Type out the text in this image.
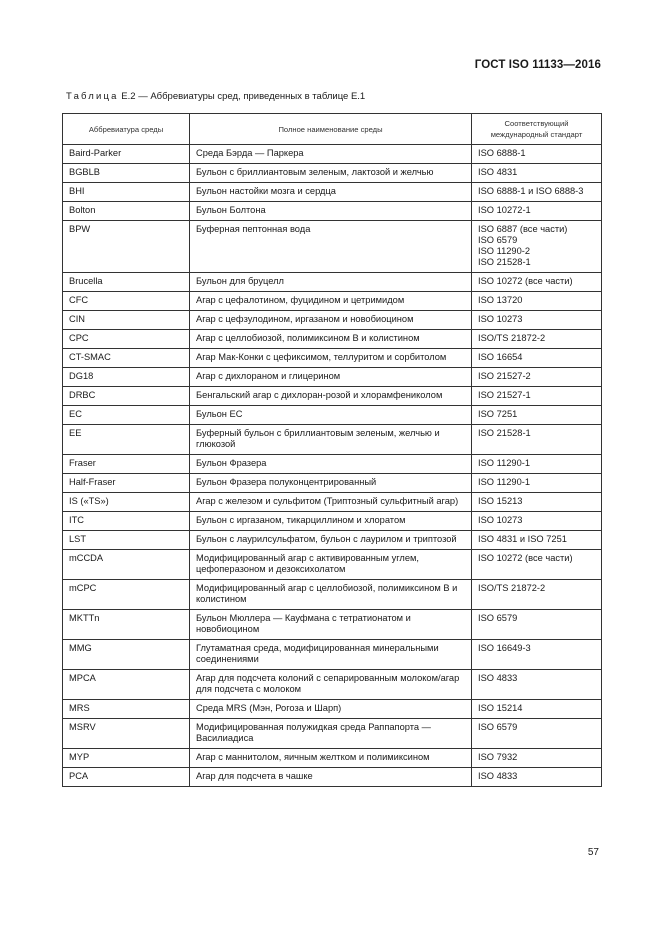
ГОСТ ISO 11133—2016
Таблица Е.2 — Аббревиатуры сред, приведенных в таблице Е.1
Аббревиатура среды	Полное наименование среды	Соответствующий международный стандарт
Baird-Parker	Среда Бэрда — Паркера	ISO 6888-1

BGBLB	Бульон с бриллиантовым зеленым, лактозой и желчью	ISO 4831

BHI	Бульон настойки мозга и сердца	ISO 6888-1 и ISO 6888-3

Bolton	Бульон Болтона	ISO 10272-1

BPW	Буферная пептонная вода	ISO 6887 (все части)
ISO 6579
ISO 11290-2
ISO 21528-1

Brucella	Бульон для бруцелл	ISO 10272 (все части)

CFC	Агар с цефалотином, фуцидином и цетримидом	ISO 13720

CIN	Агар с цефзулодином, иргазаном и новобиоцином	ISO 10273

CPC	Агар с целлобиозой, полимиксином В и колистином	ISO/TS 21872-2

CT-SMAC	Агар Мак-Конки с цефиксимом, теллуритом и сорбитолом	ISO 16654

DG18	Агар с дихлораном и глицерином	ISO 21527-2

DRBC	Бенгальский агар с дихлоран-розой и хлорамфениколом	ISO 21527-1

EC	Бульон ЕС	ISO 7251

EE	Буферный бульон с бриллиантовым зеленым, желчью и глюкозой	ISO 21528-1

Fraser	Бульон Фразера	ISO 11290-1

Half-Fraser	Бульон Фразера полуконцентрированный	ISO 11290-1

IS («TS»)	Агар с железом и сульфитом (Триптозный сульфитный агар)	ISO 15213

ITC	Бульон с иргазаном, тикарциллином и хлоратом	ISO 10273

LST	Бульон с лаурилсульфатом, бульон с лаурилом и триптозой	ISO 4831 и ISO 7251

mCCDA	Модифицированный агар с активированным углем, цефоперазоном и дезоксихолатом	ISO 10272 (все части)

mCPC	Модифицированный агар с целлобиозой, полимиксином В и колистином	ISO/TS 21872-2

MKTTn	Бульон Мюллера — Кауфмана с тетратионатом и новобиоцином	ISO 6579

MMG	Глутаматная среда, модифицированная минеральными соединениями	ISO 16649-3

MPCA	Агар для подсчета колоний с сепарированным молоком/агар для подсчета с молоком	ISO 4833

MRS	Среда MRS (Мэн, Рогоза и Шарп)	ISO 15214

MSRV	Модифицированная полужидкая среда Раппапорта — Василиадиса	ISO 6579

MYP	Агар с маннитолом, яичным желтком и полимиксином	ISO 7932

PCA	Агар для подсчета в чашке	ISO 4833
57
